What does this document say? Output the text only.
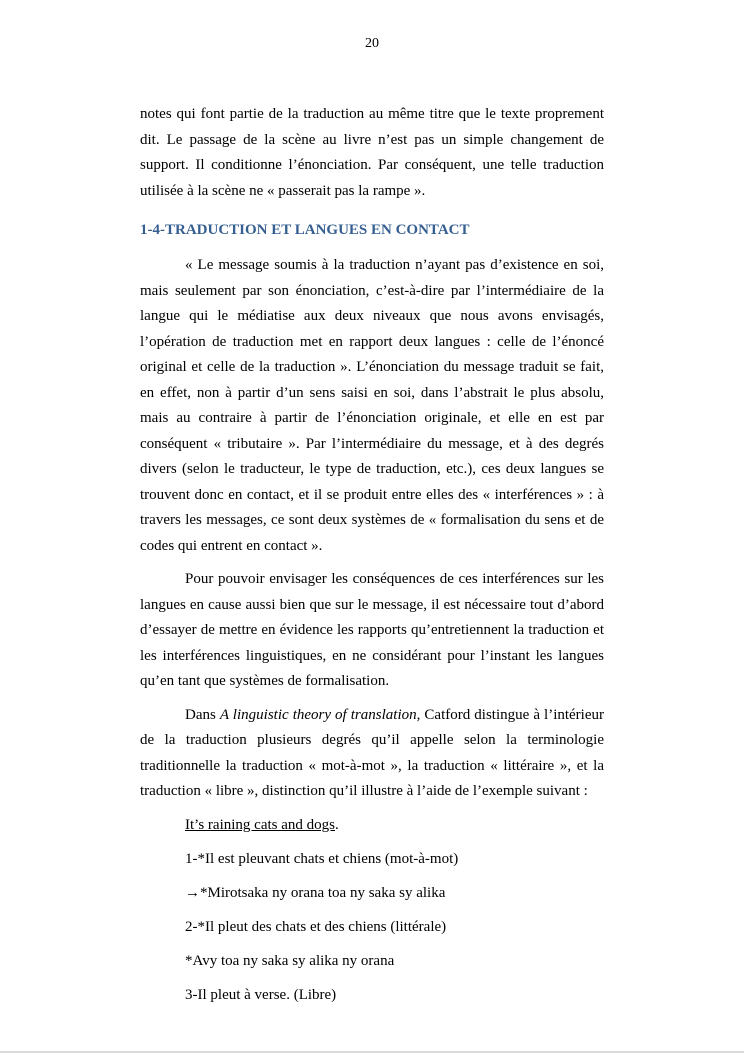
20

notes qui font partie de la traduction au même titre que le texte proprement dit. Le passage de la scène au livre n’est pas un simple changement de support. Il conditionne l’énonciation. Par conséquent, une telle traduction utilisée à la scène ne « passerait pas la rampe ».

1-4-TRADUCTION ET LANGUES EN CONTACT

« Le message soumis à la traduction n’ayant pas d’existence en soi, mais seulement par son énonciation, c’est-à-dire par l’intermédiaire de la langue qui le médiatise aux deux niveaux que nous avons envisagés, l’opération de traduction met en rapport deux langues : celle de l’énoncé original et celle de la traduction ». L’énonciation du message traduit se fait, en effet, non à partir d’un sens saisi en soi, dans l’abstrait le plus absolu, mais au contraire à partir de l’énonciation originale, et elle en est par conséquent « tributaire ». Par l’intermédiaire du message, et à des degrés divers (selon le traducteur, le type de traduction, etc.), ces deux langues se trouvent donc en contact, et il se produit entre elles des « interférences » : à travers les messages, ce sont deux systèmes de « formalisation du sens et de codes qui entrent en contact ».

Pour pouvoir envisager les conséquences de ces interférences sur les langues en cause aussi bien que sur le message, il est nécessaire tout d’abord d’essayer de mettre en évidence les rapports qu’entretiennent la traduction et les interférences linguistiques, en ne considérant pour l’instant les langues qu’en tant que systèmes de formalisation.

Dans A linguistic theory of translation, Catford distingue à l’intérieur de la traduction plusieurs degrés qu’il appelle selon la terminologie traditionnelle la traduction « mot-à-mot », la traduction « littéraire », et la traduction « libre », distinction qu’il illustre à l’aide de l’exemple suivant :

It’s raining cats and dogs.

1-*Il est pleuvant chats et chiens (mot-à-mot)

→*Mirotsaka ny orana toa ny saka sy alika

2-*Il pleut des chats et des chiens (littérale)

*Avy toa ny saka sy alika ny orana

3-Il pleut à verse. (Libre)
